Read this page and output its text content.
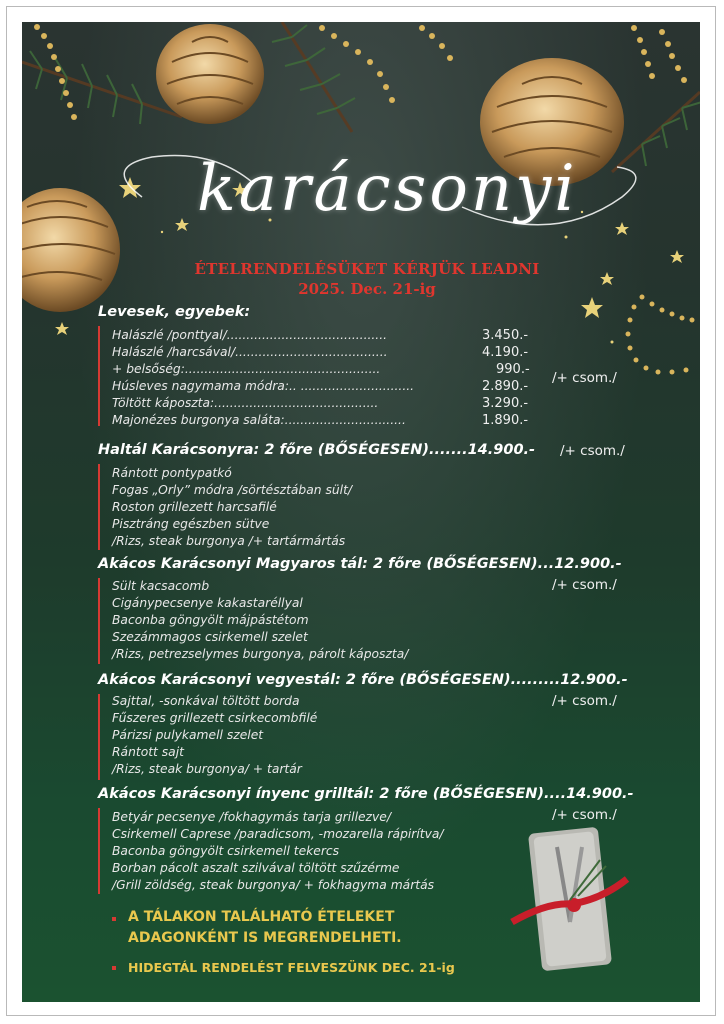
karácsonyi
ÉTELRENDELÉSÜKET KÉRJÜK LEADNI
2025. Dec. 21-ig
Levesek, egyebek:
Halászlé /ponttyal/.........................................	3.450.-
Halászlé /harcsával/.......................................	4.190.-
+ belsőség:..................................................	990.-
Húsleves nagymama módra:.. .............................	2.890.-
Töltött káposzta:..........................................	3.290.-
Majonézes burgonya saláta:...............................	1.890.-
/+ csom./
Haltál Karácsonyra: 2 főre (BŐSÉGESEN).......14.900.- /+ csom./
Rántott pontypatkó
Fogas „Orly” módra /sörtésztában sült/
Roston grillezett harcsafilé
Pisztráng egészben sütve
/Rizs, steak burgonya /+ tartármártás
Akácos Karácsonyi Magyaros tál: 2 főre (BŐSÉGESEN)...12.900.-
/+ csom./
Sült kacsacomb
Cigánypecsenye kakastaréllyal
Baconba göngyölt májpástétom
Szezámmagos csirkemell szelet
/Rizs, petrezselymes burgonya, párolt káposzta/
Akácos Karácsonyi vegyestál: 2 főre (BŐSÉGESEN).........12.900.-
/+ csom./
Sajttal, -sonkával töltött borda
Fűszeres grillezett csirkecombfilé
Párizsi pulykamell szelet
Rántott sajt
/Rizs, steak burgonya/ + tartár
Akácos Karácsonyi ínyenc grilltál: 2 főre (BŐSÉGESEN)....14.900.-
/+ csom./
Betyár pecsenye /fokhagymás tarja grillezve/
Csirkemell Caprese /paradicsom, -mozarella rápirítva/
Baconba göngyölt csirkemell tekercs
Borban pácolt aszalt szilvával töltött szűzérme
/Grill zöldség, steak burgonya/ + fokhagyma mártás
A TÁLAKON TALÁLHATÓ ÉTELEKET
ADAGONKÉNT IS MEGRENDELHETI.
HIDEGTÁL RENDELÉST FELVESZÜNK DEC. 21-ig
